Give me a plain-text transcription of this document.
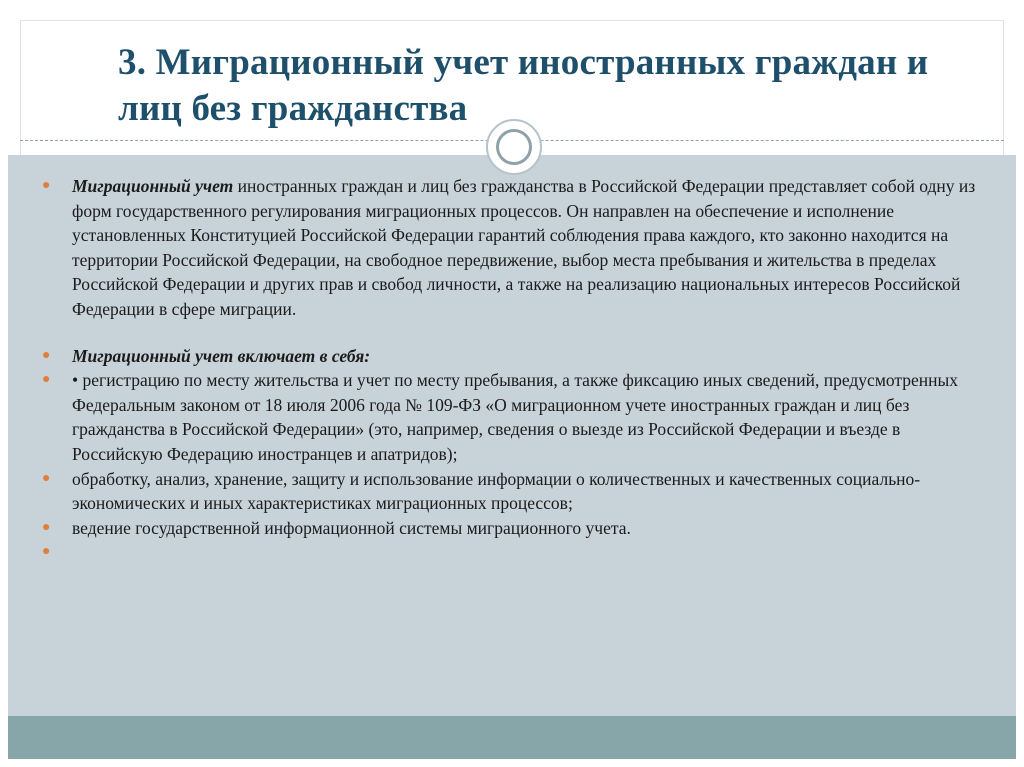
3. Миграционный учет иностранных граждан и лиц без гражданства
● Миграционный учет иностранных граждан и лиц без гражданства в Российской Федерации представляет собой одну из форм государственного регулирования миграционных процессов. Он направлен на обеспечение и исполнение установленных Конституцией Российской Федерации гарантий соблюдения права каждого, кто законно находится на территории Российской Федерации, на свободное передвижение, выбор места пребывания и жительства в пределах Российской Федерации и других прав и свобод личности, а также на реализацию национальных интересов Российской Федерации в сфере миграции.
● Миграционный учет включает в себя:
● • регистрацию по месту жительства и учет по месту пребывания, а также фиксацию иных сведений, предусмотренных Федеральным законом от 18 июля 2006 года № 109-ФЗ «О миграционном учете иностранных граждан и лиц без гражданства в Российской Федерации» (это, например, сведения о выезде из Российской Федерации и въезде в Российскую Федерацию иностранцев и апатридов);
● обработку, анализ, хранение, защиту и использование информации о количественных и качественных социально- экономических и иных характеристиках миграционных процессов;
● ведение государственной информационной системы миграционного учета.
●
